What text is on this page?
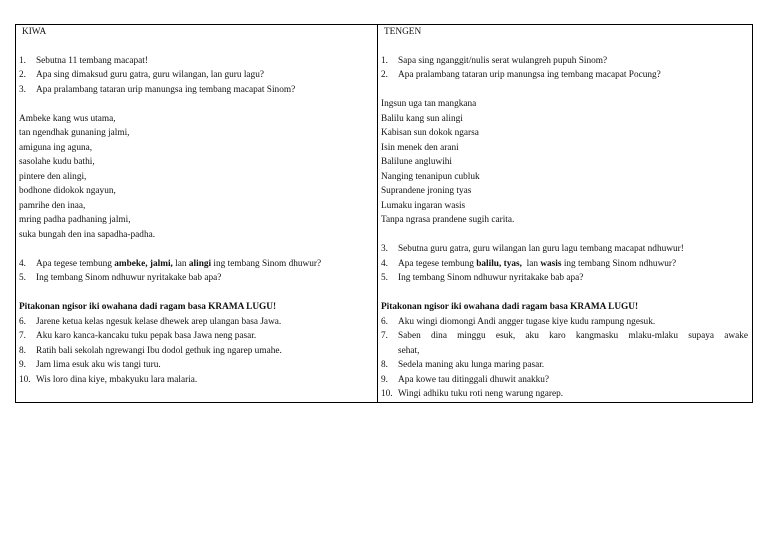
KIWA
1.	Sebutna 11 tembang macapat!
2.	Apa sing dimaksud guru gatra, guru wilangan, lan guru lagu?
3.	Apa pralambang tataran urip manungsa ing tembang macapat Sinom?
Ambeke kang wus utama,
tan ngendhak gunaning jalmi,
amiguna ing aguna,
sasolahe kudu bathi,
pintere den alingi,
bodhone didokok ngayun,
pamrihe den inaa,
mring padha padhaning jalmi,
suka bungah den ina sapadha-padha.
4.	Apa tegese tembung ambeke, jalmi, lan alingi ing tembang Sinom dhuwur?
5.	Ing tembang Sinom ndhuwur nyritakake bab apa?
Pitakonan ngisor iki owahana dadi ragam basa KRAMA LUGU!
6.	Jarene ketua kelas ngesuk kelase dhewek arep ulangan basa Jawa.
7.	Aku karo kanca-kancaku tuku pepak basa Jawa neng pasar.
8.	Ratih bali sekolah ngrewangi Ibu dodol gethuk ing ngarep umahe.
9.	Jam lima esuk aku wis tangi turu.
10. Wis loro dina kiye, mbakyuku lara malaria.
TENGEN
1.	Sapa sing nganggit/nulis serat wulangreh pupuh Sinom?
2.	Apa pralambang tataran urip manungsa ing tembang macapat Pocung?
Ingsun uga tan mangkana
Balilu kang sun alingi
Kabisan sun dokok ngarsa
Isin menek den arani
Balilune angluwihi
Nanging tenanipun cubluk
Suprandene jroning tyas
Lumaku ingaran wasis
Tanpa ngrasa prandene sugih carita.
3.	Sebutna guru gatra, guru wilangan lan guru lagu tembang macapat ndhuwur!
4.	Apa tegese tembung balilu, tyas,  lan wasis ing tembang Sinom ndhuwur?
5.	Ing tembang Sinom ndhuwur nyritakake bab apa?
Pitakonan ngisor iki owahana dadi ragam basa KRAMA LUGU!
6.	Aku wingi diomongi Andi angger tugase kiye kudu rampung ngesuk.
7.	Saben dina minggu esuk, aku karo kangmasku mlaku-mlaku supaya awake
sehat,
8.	Sedela maning aku lunga maring pasar.
9.	Apa kowe tau ditinggali dhuwit anakku?
10. Wingi adhiku tuku roti neng warung ngarep.
